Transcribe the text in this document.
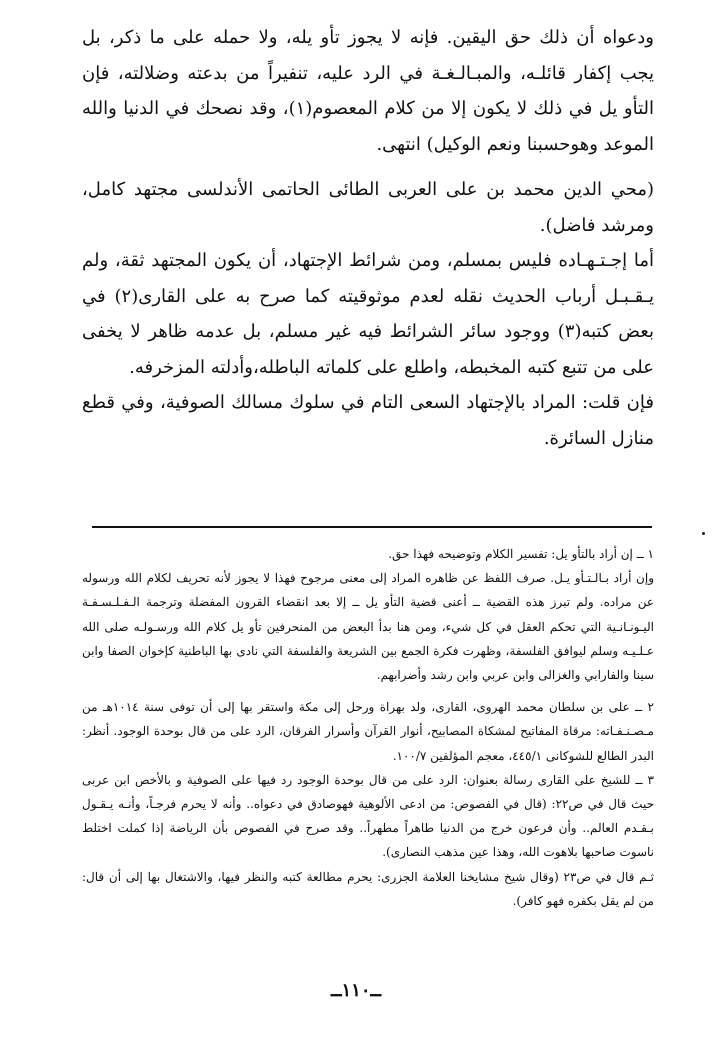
ودعواه أن ذلك حق اليقين. فإنه لا يجوز تأو يله، ولا حمله على ما ذكر، بل يجب إكفار قائلـه، والمبـالـغـة في الرد عليه، تنفيراً من بدعته وضلالته، فإن التأو يل في ذلك لا يكون إلا من كلام المعصوم(١)، وقد نصحك في الدنيا والله الموعد وهوحسبنا ونعم الوكيل) انتهى.

(محي الدين محمد بن على العربى الطائى الحاتمى الأندلسى مجتهد كامل، ومرشد فاضل).

أما إجـتـهـاده فليس بمسلم، ومن شرائط الإجتهاد، أن يكون المجتهد ثقة، ولم يـقـبـل أرباب الحديث نقله لعدم موثوقيته كما صرح به على القارى(٢) في بعض كتبه(٣) ووجود سائر الشرائط فيه غير مسلم، بل عدمه ظاهر لا يخفى على من تتبع كتبه المخبطه، واطلع على كلماته الباطله،وأدلته المزخرفه.

فإن قلت: المراد بالإجتهاد السعى التام في سلوك مسالك الصوفية، وفي قطع منازل السائرة.

١ ــ إن أراد بالتأو يل: تفسير الكلام وتوضيحه فهذا حق.

وإن أراد بـالـتـأو يـل. صرف اللفظ عن ظاهره المراد إلى معنى مرجوح فهذا لا يجوز لأنه تحريف لكلام الله ورسوله عن مراده. ولم تبرز هذه القضية ــ أعنى قضية التأو يل ــ إلا بعد انقضاء القرون المفضلة وترجمة الـفـلـسـفـة اليـونـانـية التي تحكم العقل في كل شيء، ومن هنا بدأ البعض من المنحرفين تأو يل كلام الله ورسـولـه صلى الله عـلـيـه وسلم ليوافق الفلسفة، وظهرت فكرة الجمع بين الشريعة والفلسفة التي نادى بها الباطنية كإخوان الصفا وابن سينا والفارابي والغزالى وابن عربي وابن رشد وأضرابهم.

٢ ــ على بن سلطان محمد الهروى، القارى، ولد بهراة ورحل إلى مكة واستقر بها إلى أن توفى سنة ١٠١٤هـ من مـصـنـفـاته: مرقاة المفاتيح لمشكاة المصابيح، أنوار القرآن وأسرار الفرقان، الرد على من قال بوحدة الوجود. أنظر: البدر الطالع للشوكانى ٤٤٥/١، معجم المؤلفين ١٠٠/٧.

٣ ــ للشيخ على القارى رسالة بعنوان: الرد على من قال بوحدة الوجود رد فيها على الصوفية و بالأخص ابن عربى حيث قال في ص٢٢: (قال في الفصوص: من ادعى الألوهية فهوصادق في دعواه.. وأنه لا يحرم فرجـاً، وأنـه يـقـول بـقـدم العالم.. وأن فرعون خرج من الدنيا طاهراً مطهراً.. وقد صرح في الفصوص بأن الرياضة إذا كملت اختلط ناسوت صاحبها بلاهوت الله، وهذا عين مذهب النصارى).

ثـم قال في ص٢٣ (وقال شيخ مشايخنا العلامة الجزرى: يحرم مطالعة كتبه والنظر فيها، والاشتغال بها إلى أن قال: من لم يقل بكفره فهو كافر).

ــ١١٠ــ
